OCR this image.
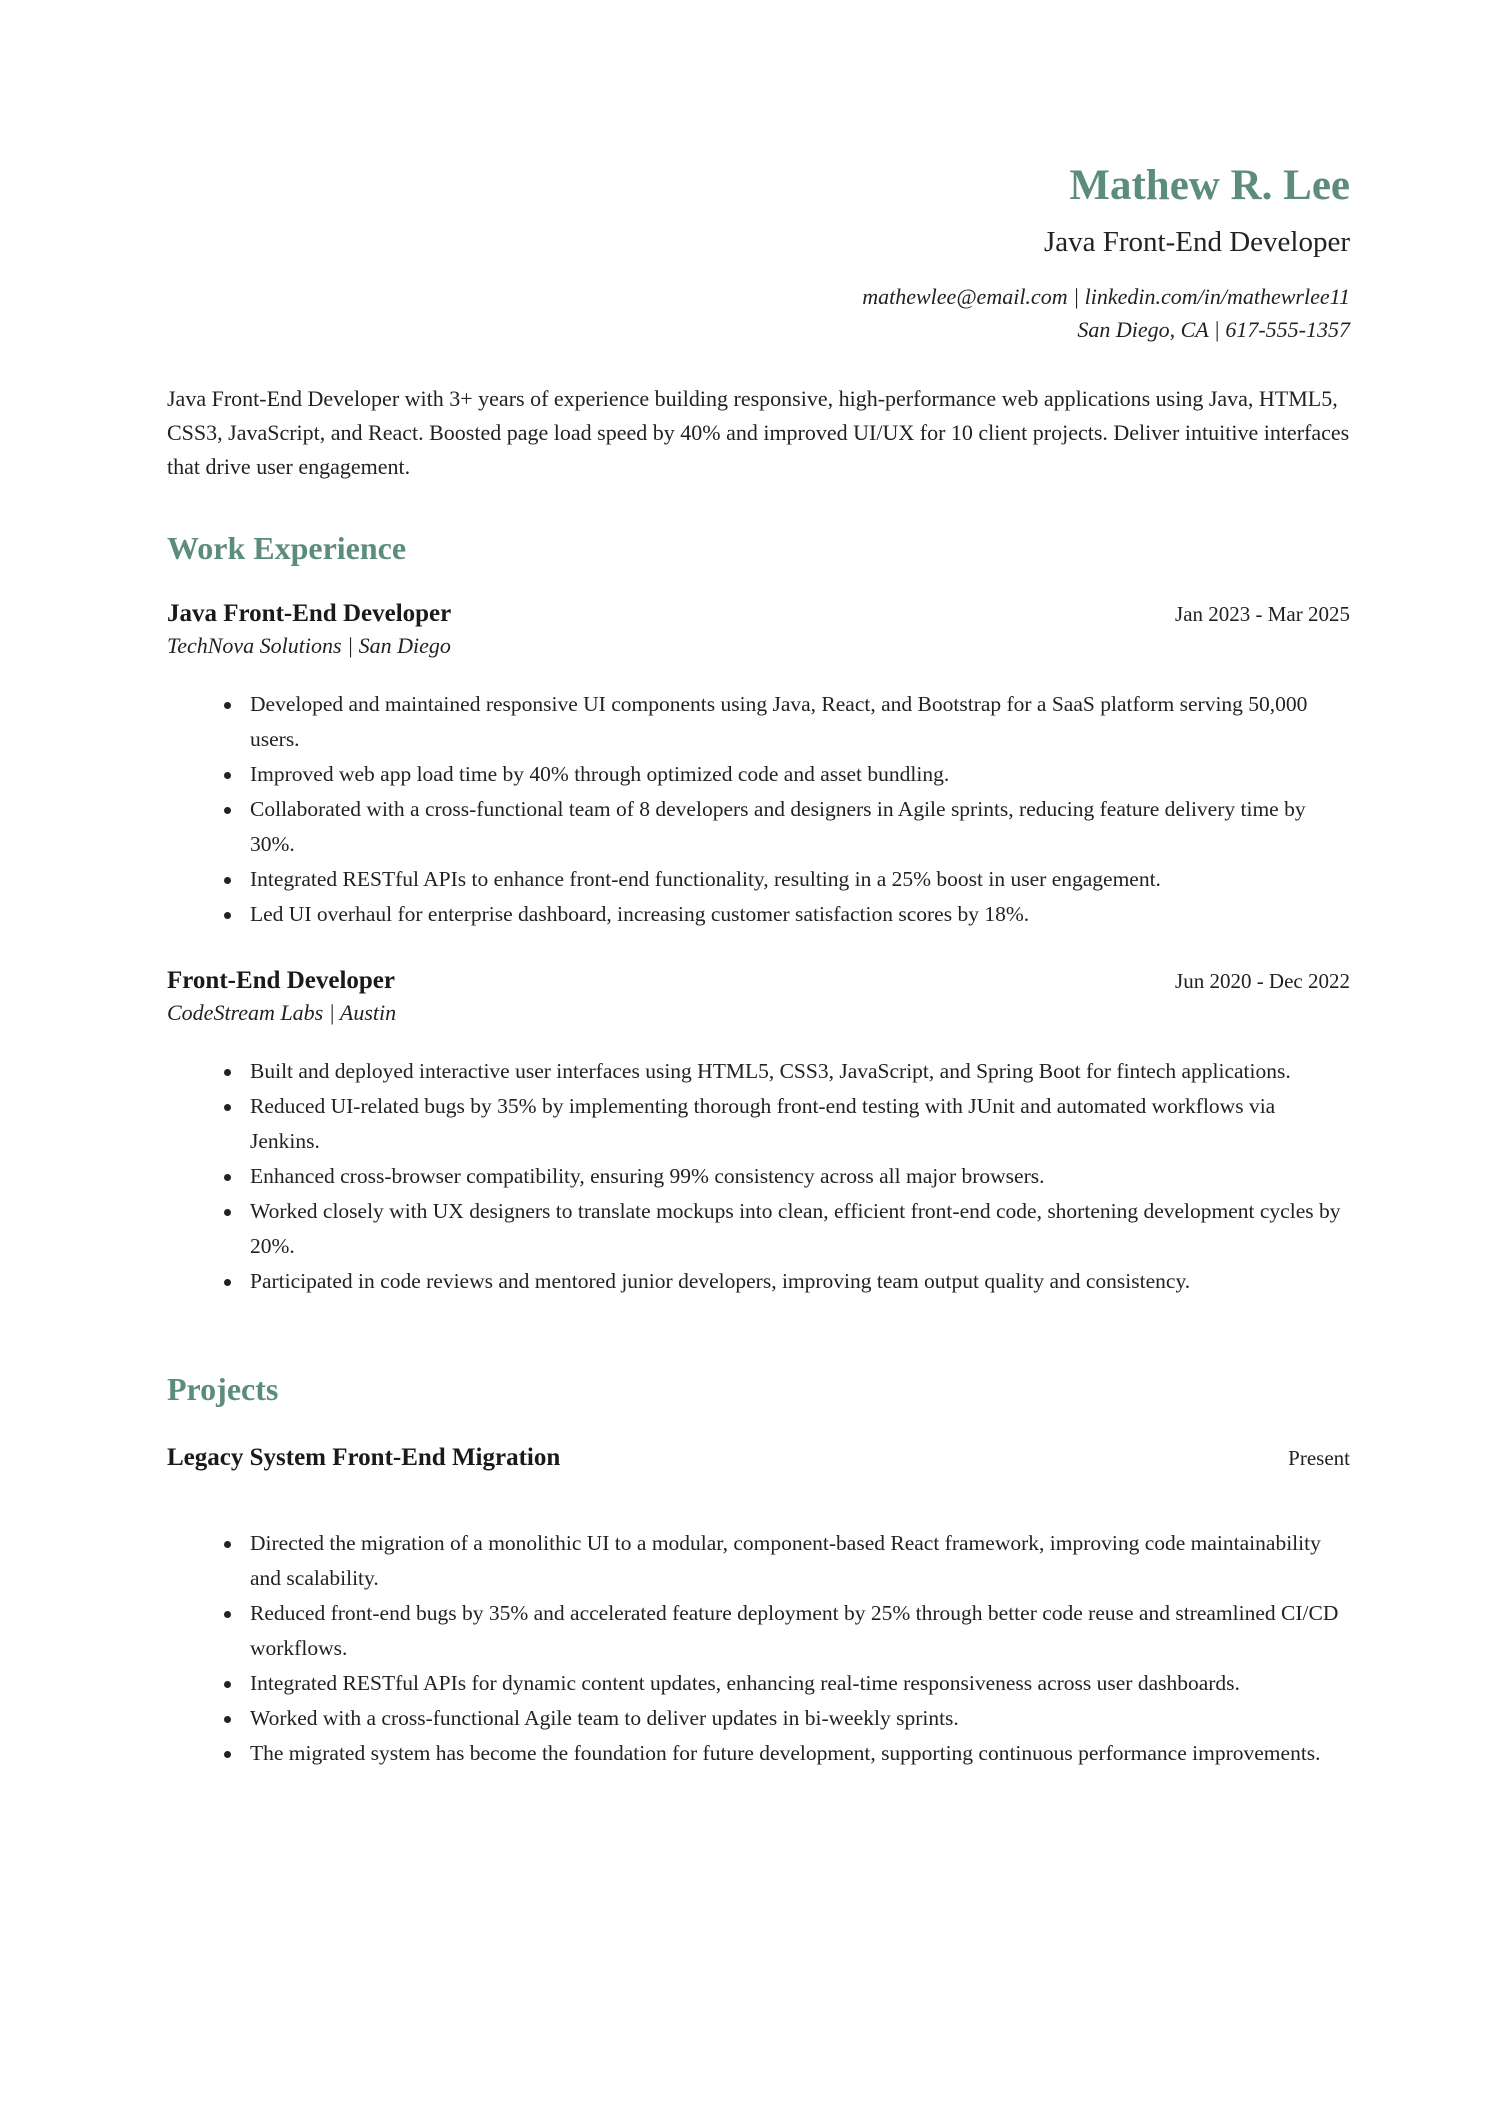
Mathew R. Lee
Java Front-End Developer
mathewlee@email.com | linkedin.com/in/mathewrlee11
San Diego, CA | 617-555-1357
Java Front-End Developer with 3+ years of experience building responsive, high-performance web applications using Java, HTML5, CSS3, JavaScript, and React. Boosted page load speed by 40% and improved UI/UX for 10 client projects. Deliver intuitive interfaces that drive user engagement.
Work Experience
Java Front-End Developer	Jan 2023 - Mar 2025
TechNova Solutions | San Diego
Developed and maintained responsive UI components using Java, React, and Bootstrap for a SaaS platform serving 50,000 users.
Improved web app load time by 40% through optimized code and asset bundling.
Collaborated with a cross-functional team of 8 developers and designers in Agile sprints, reducing feature delivery time by 30%.
Integrated RESTful APIs to enhance front-end functionality, resulting in a 25% boost in user engagement.
Led UI overhaul for enterprise dashboard, increasing customer satisfaction scores by 18%.
Front-End Developer	Jun 2020 - Dec 2022
CodeStream Labs | Austin
Built and deployed interactive user interfaces using HTML5, CSS3, JavaScript, and Spring Boot for fintech applications.
Reduced UI-related bugs by 35% by implementing thorough front-end testing with JUnit and automated workflows via Jenkins.
Enhanced cross-browser compatibility, ensuring 99% consistency across all major browsers.
Worked closely with UX designers to translate mockups into clean, efficient front-end code, shortening development cycles by 20%.
Participated in code reviews and mentored junior developers, improving team output quality and consistency.
Projects
Legacy System Front-End Migration	Present
Directed the migration of a monolithic UI to a modular, component-based React framework, improving code maintainability and scalability.
Reduced front-end bugs by 35% and accelerated feature deployment by 25% through better code reuse and streamlined CI/CD workflows.
Integrated RESTful APIs for dynamic content updates, enhancing real-time responsiveness across user dashboards.
Worked with a cross-functional Agile team to deliver updates in bi-weekly sprints.
The migrated system has become the foundation for future development, supporting continuous performance improvements.
